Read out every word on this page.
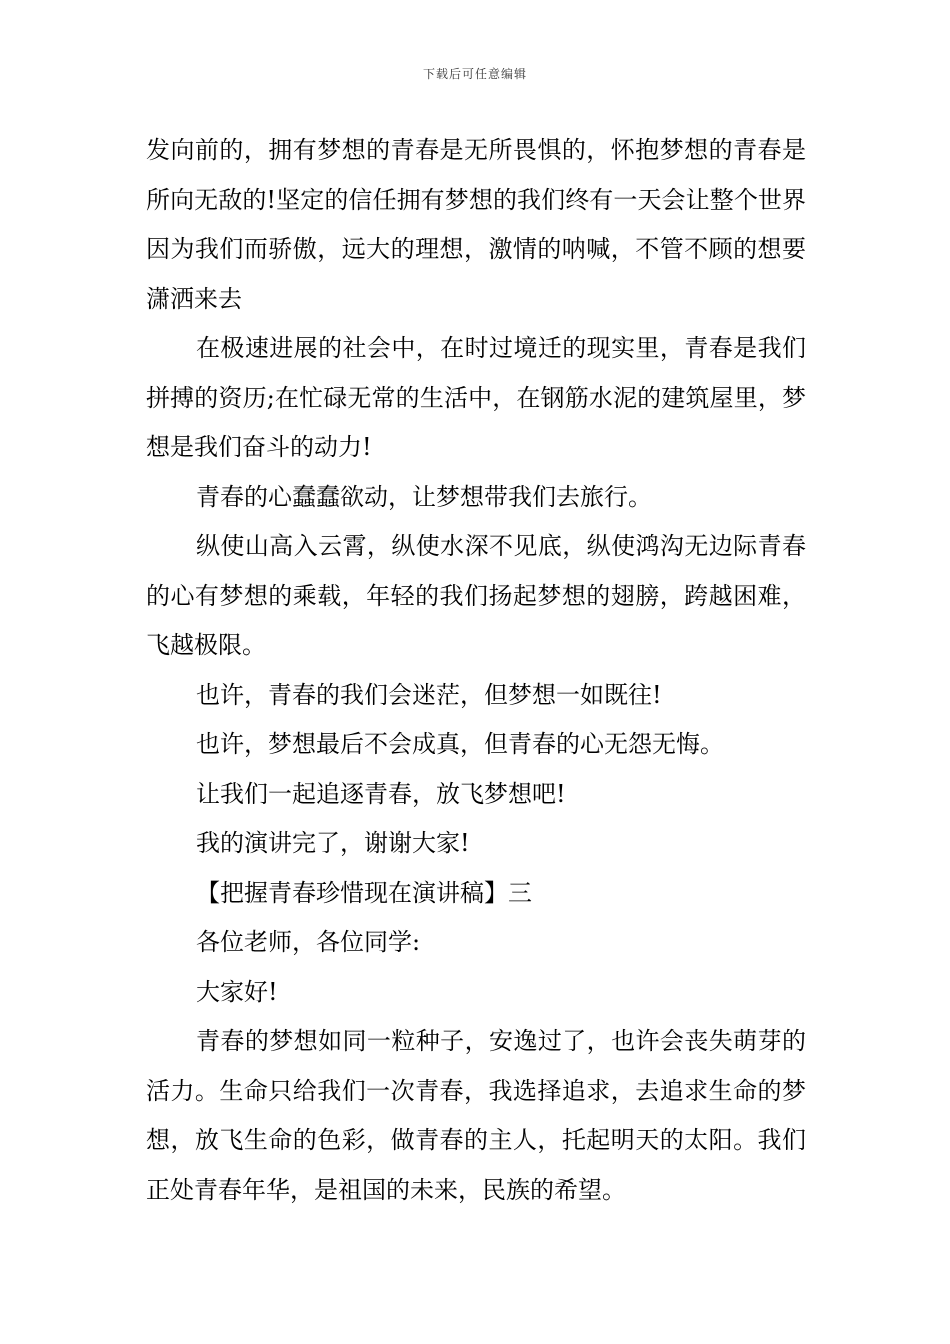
下载后可任意编辑

发向前的，拥有梦想的青春是无所畏惧的，怀抱梦想的青春是所向无敌的!坚定的信任拥有梦想的我们终有一天会让整个世界因为我们而骄傲，远大的理想，激情的呐喊，不管不顾的想要潇洒来去

在极速进展的社会中，在时过境迁的现实里，青春是我们拼搏的资历;在忙碌无常的生活中，在钢筋水泥的建筑屋里，梦想是我们奋斗的动力!

青春的心蠢蠢欲动，让梦想带我们去旅行。

纵使山高入云霄，纵使水深不见底，纵使鸿沟无边际青春的心有梦想的乘载，年轻的我们扬起梦想的翅膀，跨越困难，飞越极限。

也许，青春的我们会迷茫，但梦想一如既往!

也许，梦想最后不会成真，但青春的心无怨无悔。

让我们一起追逐青春，放飞梦想吧!

我的演讲完了，谢谢大家!

【把握青春珍惜现在演讲稿】三

各位老师，各位同学:

大家好!

青春的梦想如同一粒种子，安逸过了，也许会丧失萌芽的活力。生命只给我们一次青春，我选择追求，去追求生命的梦想，放飞生命的色彩，做青春的主人，托起明天的太阳。我们正处青春年华，是祖国的未来，民族的希望。
